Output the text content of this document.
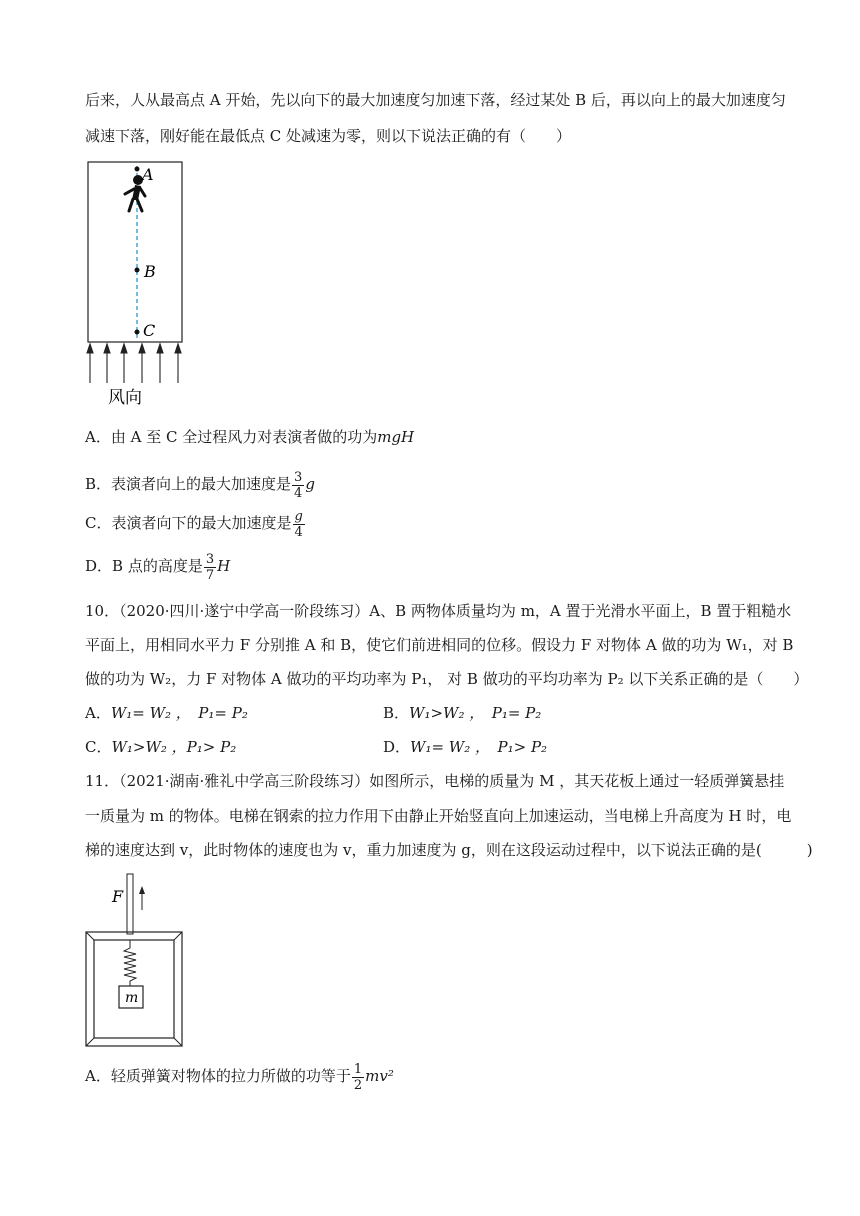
后来，人从最高点 A 开始，先以向下的最大加速度匀加速下落，经过某处 B 后，再以向上的最大加速度匀
减速下落，刚好能在最低点 C 处减速为零，则以下说法正确的有（　　）
A
B
C
风向
A．由 A 至 C 全过程风力对表演者做的功为mgH
B．表演者向上的最大加速度是 $\frac{3}{4}$ g
C．表演者向下的最大加速度是 $\frac{g}{4}$
D．B 点的高度是 $\frac{3}{7}$ H
10．（2020·四川·遂宁中学高一阶段练习）A、B 两物体质量均为 m，A 置于光滑水平面上，B 置于粗糙水
平面上，用相同水平力 F 分别推 A 和 B，使它们前进相同的位移。假设力 F 对物体 A 做的功为 W₁，对 B
做的功为 W₂，力 F 对物体 A 做功的平均功率为 P₁， 对 B 做功的平均功率为 P₂ 以下关系正确的是（　　）
A．W₁= W₂ ，　P₁= P₂	B．W₁>W₂ ，　P₁= P₂
C．W₁>W₂ ，P₁> P₂	D．W₁= W₂ ，　P₁> P₂
11．（2021·湖南·雅礼中学高三阶段练习）如图所示，电梯的质量为 M ，其天花板上通过一轻质弹簧悬挂
一质量为 m 的物体。电梯在钢索的拉力作用下由静止开始竖直向上加速运动，当电梯上升高度为 H 时，电
梯的速度达到 v，此时物体的速度也为 v，重力加速度为 g，则在这段运动过程中，以下说法正确的是(　　　)
F
m
A．轻质弹簧对物体的拉力所做的功等于 $\frac{1}{2} mv^2$
